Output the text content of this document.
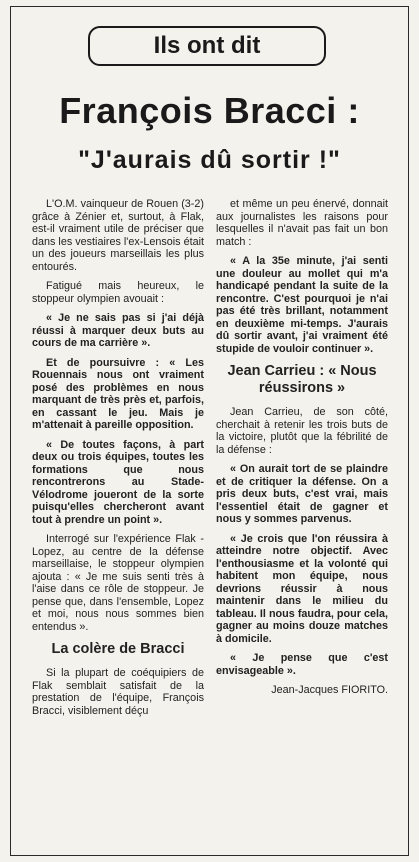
Ils ont dit
François Bracci :
"J'aurais dû sortir !"

L'O.M. vainqueur de Rouen (3-2) grâce à Zénier et, surtout, à Flak, est-il vraiment utile de préciser que dans les vestiaires l'ex-Lensois était un des joueurs marseillais les plus entourés.

Fatigué mais heureux, le stoppeur olympien avouait :

« Je ne sais pas si j'ai déjà réussi à marquer deux buts au cours de ma carrière ».

Et de poursuivre : « Les Rouennais nous ont vraiment posé des problèmes en nous marquant de très près et, parfois, en cassant le jeu. Mais je m'attenait à pareille opposition.

« De toutes façons, à part deux ou trois équipes, toutes les formations que nous rencontrerons au Stade-Vélodrome joueront de la sorte puisqu'elles chercheront avant tout à prendre un point ».

Interrogé sur l'expérience Flak - Lopez, au centre de la défense marseillaise, le stoppeur olympien ajouta : « Je me suis senti très à l'aise dans ce rôle de stoppeur. Je pense que, dans l'ensemble, Lopez et moi, nous nous sommes bien entendus ».

La colère de Bracci

Si la plupart de coéquipiers de Flak semblait satisfait de la prestation de l'équipe, François Bracci, visiblement déçu

et même un peu énervé, donnait aux journalistes les raisons pour lesquelles il n'avait pas fait un bon match :

« A la 35e minute, j'ai senti une douleur au mollet qui m'a handicapé pendant la suite de la rencontre. C'est pourquoi je n'ai pas été très brillant, notamment en deuxième mi-temps. J'aurais dû sortir avant, j'ai vraiment été stupide de vouloir continuer ».

Jean Carrieu : « Nous réussirons »

Jean Carrieu, de son côté, cherchait à retenir les trois buts de la victoire, plutôt que la fébrilité de la défense :

« On aurait tort de se plaindre et de critiquer la défense. On a pris deux buts, c'est vrai, mais l'essentiel était de gagner et nous y sommes parvenus.

« Je crois que l'on réussira à atteindre notre objectif. Avec l'enthousiasme et la volonté qui habitent mon équipe, nous devrions réussir à nous maintenir dans le milieu du tableau. Il nous faudra, pour cela, gagner au moins douze matches à domicile.

« Je pense que c'est envisageable ».

Jean-Jacques FIORITO.
